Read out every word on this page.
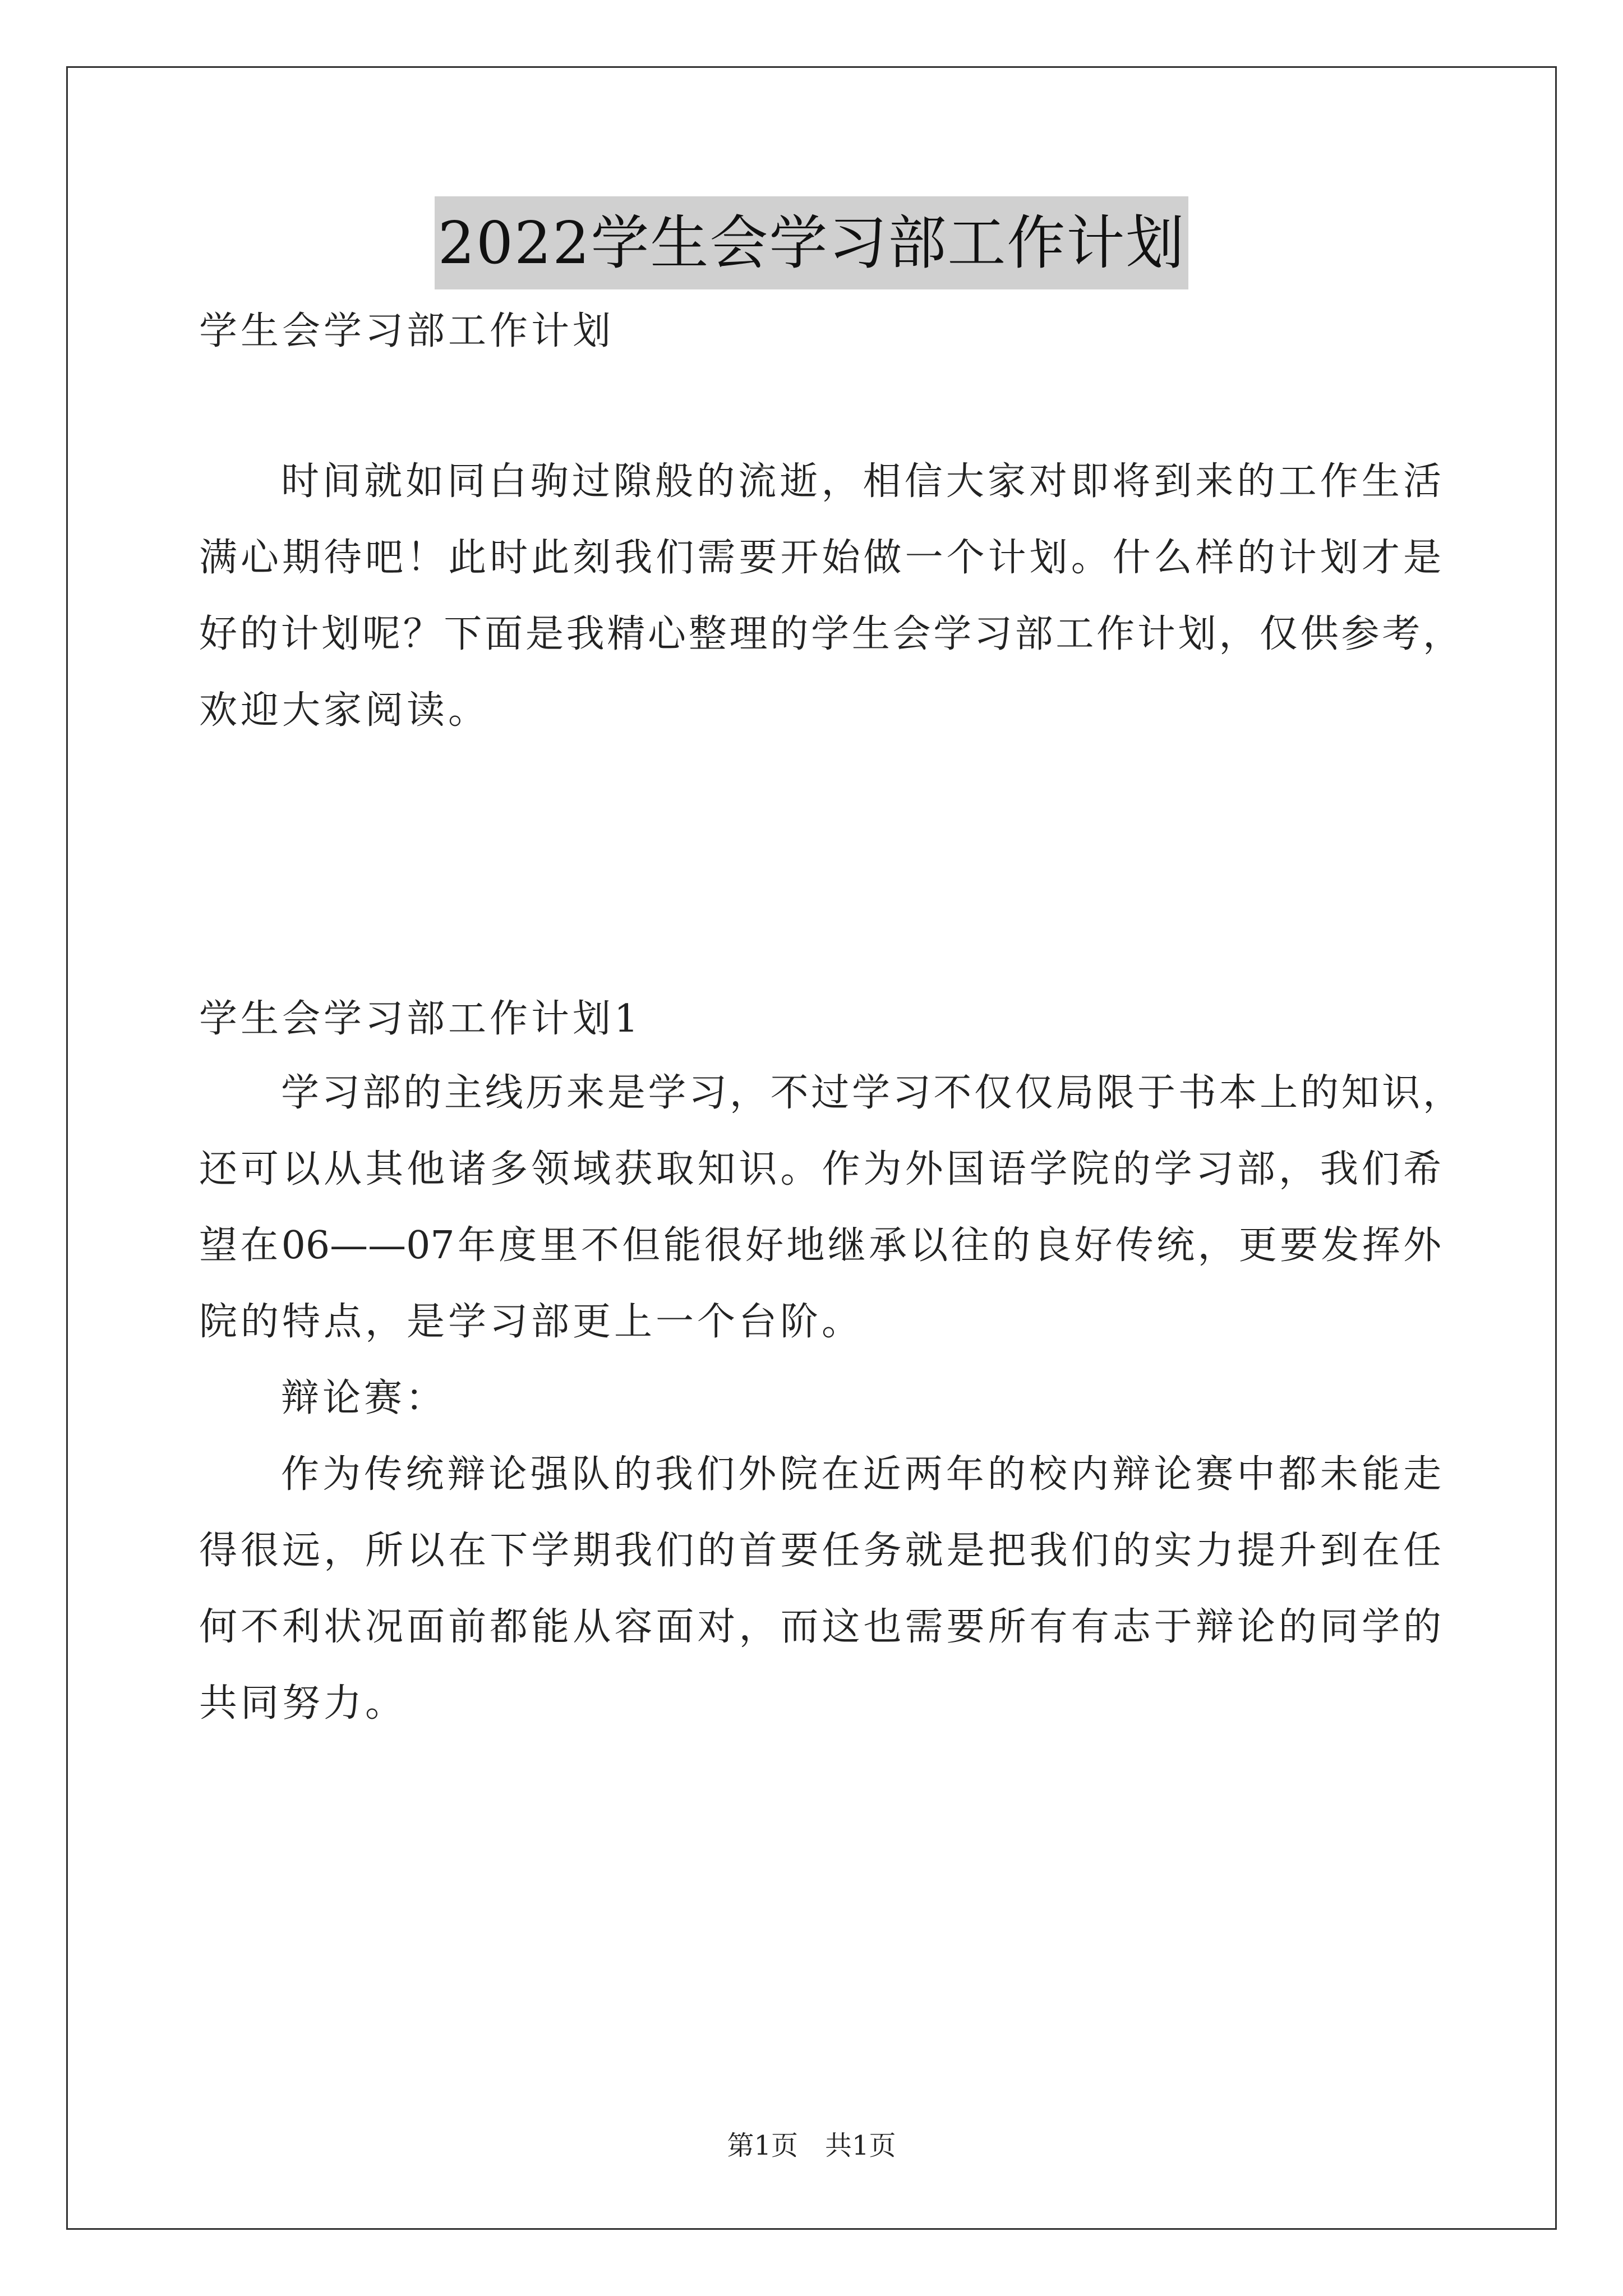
2022学生会学习部工作计划
学生会学习部工作计划
时间就如同白驹过隙般的流逝，相信大家对即将到来的工作生活
满心期待吧！此时此刻我们需要开始做一个计划。什么样的计划才是
好的计划呢？下面是我精心整理的学生会学习部工作计划，仅供参考，
欢迎大家阅读。
学生会学习部工作计划1
学习部的主线历来是学习，不过学习不仅仅局限于书本上的知识，
还可以从其他诸多领域获取知识。作为外国语学院的学习部，我们希
望在06——07年度里不但能很好地继承以往的良好传统，更要发挥外
院的特点，是学习部更上一个台阶。
辩论赛：
作为传统辩论强队的我们外院在近两年的校内辩论赛中都未能走
得很远，所以在下学期我们的首要任务就是把我们的实力提升到在任
何不利状况面前都能从容面对，而这也需要所有有志于辩论的同学的
共同努力。
第1页　共1页
